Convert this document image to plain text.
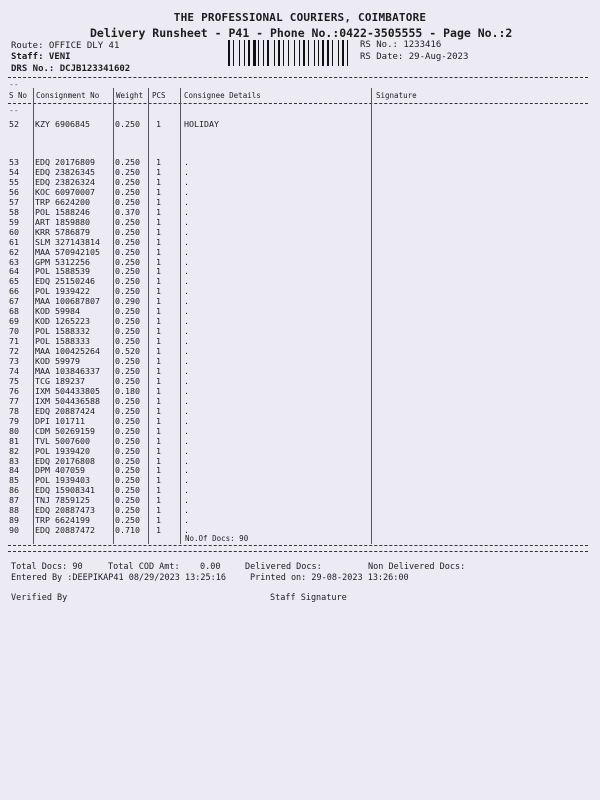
THE PROFESSIONAL COURIERS, COIMBATORE
Delivery Runsheet - P41 - Phone No.:0422-3505555 - Page No.:2
Route: OFFICE DLY 41
Staff: VENI
DRS No.: DCJB123341602
RS No.: 1233416
RS Date: 29-Aug-2023
--
S No Consignment No Weight PCS Consignee Details	Signature
--
52 KZY 6906845	0.250 1	HOLIDAY
53 EDQ 20176809 0.250 1	.
54 EDQ 23826345 0.250 1	.
55 EDQ 23826324 0.250 1	.
56 KOC 60970007 0.250 1	.
57 TRP 6624200	0.250 1	.
58 POL 1588246	0.370 1	.
59 ART 1859880	0.250 1	.
60 KRR 5786879	0.250 1	.
61 SLM 327143814 0.250 1	.
62 MAA 570942105 0.250 1	.
63 GPM 5312256	0.250 1	.
64 POL 1588539	0.250 1	.
65 EDQ 25150246 0.250 1	.
66 POL 1939422	0.250 1	.
67 MAA 100687807 0.290 1	.
68 KOD 59984	0.250 1	.
69 KOD 1265223	0.250 1	.
70 POL 1588332	0.250 1	.
71 POL 1588333	0.250 1	.
72 MAA 100425264 0.520 1	.
73 KOD 59979	0.250 1	.
74 MAA 103846337 0.250 1	.
75 TCG 189237	0.250 1	.
76 IXM 504433805 0.180 1	.
77 IXM 504436588 0.250 1	.
78 EDQ 20887424 0.250 1	.
79 DPI 101711	0.250 1	.
80 CDM 50269159 0.250 1	.
81 TVL 5007600	0.250 1	.
82 POL 1939420	0.250 1	.
83 EDQ 20176808 0.250 1	.
84 DPM 407059	0.250 1	.
85 POL 1939403	0.250 1	.
86 EDQ 15908341 0.250 1	.
87 TNJ 7859125	0.250 1	.
88 EDQ 20887473 0.250 1	.
89 TRP 6624199	0.250 1	.
90 EDQ 20887472 0.710 1	.
No.Of Docs: 90
Total Docs: 90	Total COD Amt: 0.00	Delivered Docs:	Non Delivered Docs:
Entered By :DEEPIKAP41 08/29/2023 13:25:16	Printed on: 29-08-2023 13:26:00
Verified By	Staff Signature
